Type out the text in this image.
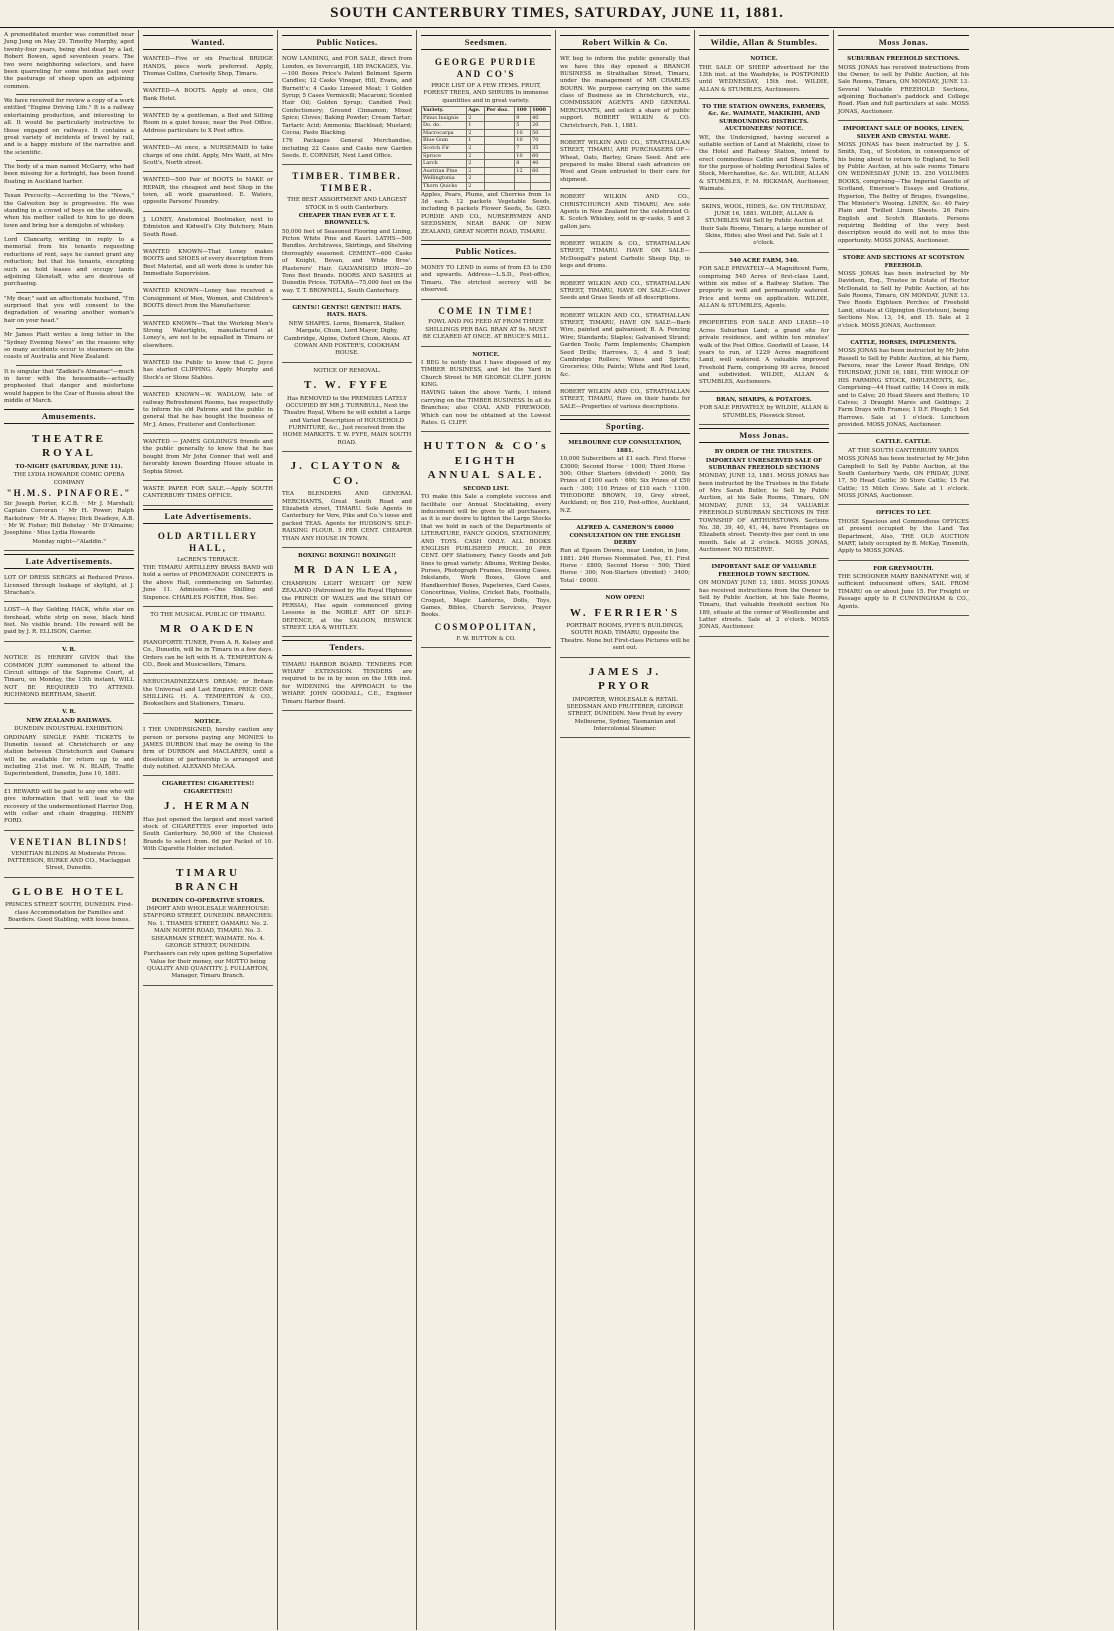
SOUTH CANTERBURY TIMES, SATURDAY, JUNE 11, 1881.

A premeditated murder was committed near Jung Jung on May 29. Timothy Murphy, aged twenty-four years, being shot dead by a lad, Robert Bowen, aged seventeen years. The two were neighboring selectors, and have been quarreling for some months past over the pasturage of sheep upon an adjoining common.

We have received for review a copy of a work entitled "Engine Driving Life." It is a railway entertaining production, and interesting to all. It would be particularly instructive to those engaged on railways. It contains a great variety of incidents of travel by rail, and is a happy mixture of the narrative and the scientific.

The body of a man named McGarry, who had been missing for a fortnight, has been found floating in Auckland harbor.

Texan Precocity.—According to the "News," the Galveston boy is progressive. He was standing in a crowd of boys on the sidewalk, when his mother called to him to go down town and bring her a demijohn of whiskey.

Lord Clancarty, writing in reply to a memorial from his tenants requesting reductions of rent, says he cannot grant any reduction; but that his tenants, excepting such as hold leases and occupy lands adjoining Glenstaff, who are desirous of purchasing.

"My dear," said an affectionate husband, "I'm surprised that you will consent to the degradation of wearing another woman's hair on your head."

Mr James Platt writes a long letter in the "Sydney Evening News" on the reasons why so many accidents occur to steamers on the coasts of Australia and New Zealand.

It is singular that "Zadkiel's Almanac"—much in favor with the housemaids—actually prophesied that danger and misfortune would happen to the Czar of Russia about the middle of March.

Amusements.
THEATRE ROYAL

TO-NIGHT (SATURDAY, JUNE 11).

THE LYDIA HOWARDE COMIC OPERA COMPANY

"H.M.S. PINAFORE."

Sir Joseph Porter, K.C.B. · Mr J. Marshall; Captain Corcoran · Mr H. Power; Ralph Rackstraw · Mr A. Hayes; Dick Deadeye, A.B. · Mr W. Fisher; Bill Bobstay · Mr D'Almaine; Josephine · Miss Lydia Howarde

Monday night—"Aladdin."

Late Advertisements.

LOT OF DRESS SERGES at Reduced Prices. Licensed through leakage of skylight, at J. Strachan's.

LOST—A Bay Gelding HACK, white star on forehead, white strip on nose, black hind feet. No visible brand. 10s reward will be paid by J. R. ELLISON, Carrier.

V. R.

NOTICE IS HEREBY GIVEN that the COMMON JURY summoned to attend the Circuit sittings of the Supreme Court, at Timaru, on Monday, the 13th instant, WILL NOT BE REQUIRED TO ATTEND. RICHMOND BERTHAM, Sheriff.

V. R.

NEW ZEALAND RAILWAYS.

DUNEDIN INDUSTRIAL EXHIBITION.

ORDINARY SINGLE FARE TICKETS to Dunedin issued at Christchurch or any station between Christchurch and Oamaru will be available for return up to and including 21st inst. W. N. BLAIR, Traffic Superintendent, Dunedin, June 10, 1881.

£1 REWARD will be paid to any one who will give information that will lead to the recovery of the undermentioned Harrier Dog, with collar and chain dragging. HENRY FORD.

VENETIAN BLINDS!

VENETIAN BLINDS At Moderate Prices. PATTERSON, BURKE AND CO., Maclaggan Street, Dunedin.

GLOBE HOTEL

PRINCES STREET SOUTH, DUNEDIN. First-class Accommodation for Families and Boarders. Good Stabling, with loose boxes.

Wanted.

WANTED—Five or six Practical BRIDGE HANDS, piece work preferred. Apply, Thomas Collins, Curiosity Shop, Timaru.

WANTED—A BOOTS. Apply at once, Old Bank Hotel.

WANTED by a gentleman, a Bed and Sitting Room in a quiet house, near the Post Office. Address particulars to X Post office.

WANTED—At once, a NURSEMAID to take charge of one child. Apply, Mrs Waitt, at Mrs Scott's, North street.

WANTED—500 Pair of BOOTS to MAKE or REPAIR, the cheapest and best Shop in the town, all work guaranteed. E. Waters, opposite Parsons' Foundry.

J. LONEY, Anatomical Bootmaker, next to Edmiston and Kidwell's City Butchery, Main South Road.

WANTED KNOWN—That Loney makes BOOTS and SHOES of every description from Best Material, and all work done is under his Immediate Supervision.

WANTED KNOWN—Loney has received a Consignment of Men, Women, and Children's BOOTS direct from the Manufacturer.

WANTED KNOWN—That the Working Men's Strong Watertights, manufactured at Loney's, are not to be equalled in Timaru or elsewhere.

WANTED the Public to know that C. Joyce has started CLIPPING. Apply Murphy and Stock's or Stone Stables.

WANTED KNOWN—W. WADLOW, late of railway Refreshment Rooms, has respectfully to inform his old Patrons and the public in general that he has bought the business of Mr J. Amos, Fruiterer and Confectioner.

WANTED — JAMES GOLDING'S friends and the public generally to know that he has bought from Mr John Conner that well and favorably known Boarding House situate in Sophia Street.

WASTE PAPER FOR SALE.—Apply SOUTH CANTERBURY TIMES OFFICE.

Late Advertisements.
OLD ARTILLERY HALL,

LeCREN'S TERRACE.

THE TIMARU ARTILLERY BRASS BAND will hold a series of PROMENADE CONCERTS in the above Hall, commencing on Saturday, June 11. Admission—One Shilling and Sixpence. CHARLES FOSTER, Hon. Sec.

TO THE MUSICAL PUBLIC OF TIMARU.

MR OAKDEN

PIANOFORTE TUNER, From A. R. Kelsey and Co., Dunedin, will be in Timaru in a few days. Orders can be left with H. A. TEMPERTON & CO., Book and Musicsellers, Timaru.

NEBUCHADNEZZAR'S DREAM; or Britain the Universal and Last Empire. PRICE ONE SHILLING. H. A. TEMPERTON & CO., Booksellers and Stationers, Timaru.

NOTICE.

I THE UNDERSIGNED, hereby caution any person or persons paying any MONIES to JAMES DURBON that may be owing to the firm of DURBON and MACLAREN, until a dissolution of partnership is arranged and duly notified. ALEXAND McCAA.

CIGARETTES! CIGARETTES!! CIGARETTES!!!

J. HERMAN

Has just opened the largest and most varied stock of CIGARETTES ever imported into South Canterbury. 50,000 of the Choicest Brands to select from. 6d per Packet of 10. With Cigarette Holder included.

TIMARU BRANCH

DUNEDIN CO-OPERATIVE STORES.

IMPORT AND WHOLESALE WAREHOUSE: STAFFORD STREET, DUNEDIN. BRANCHES: No. 1. THAMES STREET, OAMARU. No. 2. MAIN NORTH ROAD, TIMARU. No. 3. SHEARMAN STREET, WAIMATE. No. 4. GEORGE STREET, DUNEDIN.

Purchasers can rely upon getting Superlative Value for their money, our MOTTO being QUALITY AND QUANTITY. J. FULLARTON, Manager, Timaru Branch.

Public Notices.

NOW LANDING, and FOR SALE, direct from London, ex Invercargill, 185 PACKAGES, Viz.—100 Boxes Price's Patent Belmont Sperm Candles; 12 Casks Vinegar, Hill, Evans, and Burnett's; 4 Casks Linseed Meat; 1 Golden Syrup; 5 Cases Vermicelli; Macaroni; Scented Hair Oil; Golden Syrup; Candied Peel; Confectionery; Ground Cinnamon; Mixed Spice; Cloves; Baking Powder; Cream Tartar; Tartaric Acid; Ammonia; Blacklead; Mustard; Cocoa; Paste Blacking.

176 Packages General Merchandise, including 22 Cases and Casks new Garden Seeds. E. CORNISH, Next Land Office.

TIMBER. TIMBER. TIMBER.

THE BEST ASSORTMENT AND LARGEST STOCK in S outh Canterbury.

CHEAPER THAN EVER AT T. T. BROWNELL'S.

50,000 feet of Seasoned Flooring and Lining, Picton White Pine and Kauri. LATHS—500 Bundles. Architraves, Skirtings, and Shelving thoroughly seasoned. CEMENT—600 Casks of Knight, Bevan, and White Bros'. Plasterers' Hair. GALVANISED IRON—20 Tons Best Brands. DOORS AND SASHES at Dunedin Prices. TOTARA—75,000 feet on the way. T. T. BROWNELL, South Canterbury.

GENTS!! GENTS!! GENTS!!! HATS. HATS. HATS.

NEW SHAPES. Lorne, Bismarck, Stalker, Margate, Chum, Lord Mayor, Digby, Cambridge, Alpine, Oxford Chum, Alexis. AT COWAN AND FOSTER'S, COOKHAM HOUSE.

NOTICE OF REMOVAL.

T. W. FYFE

Has REMOVED to the PREMISES LATELY OCCUPIED BY MR J. TURNBULL, Next the Theatre Royal, Where he will exhibit a Large and Varied Description of HOUSEHOLD FURNITURE, &c., Just received from the HOME MARKETS. T. W. FYFE, MAIN SOUTH ROAD.

J. CLAYTON & CO.

TEA BLENDERS AND GENERAL MERCHANTS, Great South Road and Elizabeth street, TIMARU. Sole Agents in Canterbury for Vere, Pike and Co.'s loose and packed TEAS. Agents for HUDSON'S SELF-RAISING FLOUR. 5 PER CENT. CHEAPER THAN ANY HOUSE IN TOWN.

BOXING! BOXING!! BOXING!!!

MR DAN LEA,

CHAMPION LIGHT WEIGHT OF NEW ZEALAND (Patronised by His Royal Highness the PRINCE OF WALES and the SHAH OF PERSIA), Has again commenced giving Lessons in the NOBLE ART OF SELF-DEFENCE, at the SALOON, BESWICK STREET. LEA & WHITLEY.

Tenders.

TIMARU HARBOR BOARD. TENDERS FOR WHARF EXTENSION. TENDERS are required to be in by noon on the 16th inst. for WIDENING the APPROACH to the WHARF. JOHN GOODALL, C.E., Engineer Timaru Harbor Board.

Seedsmen.
GEORGE PURDIE AND CO'S

PRICE LIST OF A FEW ITEMS. FRUIT, FOREST TREES, AND SHRUBS In immense quantities and in great variety.

Variety.	Age.	Per doz.	100	1000
Pinus Insignis	2		9	40
Do. do.	1		5	20
Macrocarpa	2		10	50
Blue Gum	1		10	70
Scotch Fir	2		7	35
Spruce	2		10	60
Larch	2		8	40
Austrian Pine	2		12	60
Wellingtonia	2			
Thorn Quicks	2			

Apples, Pears, Plums, and Cherries from 1s 3d each. 12 packets Vegetable Seeds, including 6 packets Flower Seeds, 5s. GEO. PURDIE AND CO., NURSERYMEN AND SEEDSMEN, NEAR BANK OF NEW ZEALAND, GREAT NORTH ROAD, TIMARU.

Public Notices.

MONEY TO LEND in sums of from £5 to £50 and upwards. Address—L.S.D., Post-office, Timaru. The strictest secrecy will be observed.

COME IN TIME!

FOWL AND PIG FEED AT FROM THREE SHILLINGS PER BAG. BRAN AT 9s. MUST BE CLEARED AT ONCE. AT BRUCE'S MILL.

NOTICE.

I BEG to notify that I have disposed of my TIMBER BUSINESS, and let the Yard in Church Street to MR GEORGE CLIFF. JOHN KING.

HAVING taken the above Yards, I intend carrying on the TIMBER BUSINESS In all its Branches; also COAL AND FIREWOOD, Which can now be obtained at the Lowest Rates. G. CLIFF.

HUTTON & CO's EIGHTH ANNUAL SALE.

SECOND LIST.

TO make this Sale a complete success and facilitate our Annual Stocktaking, every inducement will be given to all purchasers, as it is our desire to lighten the Large Stocks that we hold in each of the Departments of LITERATURE, FANCY GOODS, STATIONERY, AND TOYS. CASH ONLY. ALL BOOKS ENGLISH PUBLISHED PRICE. 20 PER CENT. OFF Stationery, Fancy Goods and Job lines to great variety: Albums, Writing Desks, Purses, Photograph Frames, Dressing Cases, Inkstands, Work Boxes, Glove and Handkerchief Boxes, Papeteries, Card Cases, Concertinas, Violins, Cricket Bats, Footballs, Croquet, Magic Lanterns, Dolls, Toys, Games, Bibles, Church Services, Prayer Books.

COSMOPOLITAN,

F. W. BUTTON & CO.

Robert Wilkin & Co.

WE beg to inform the public generally that we have this day opened a BRANCH BUSINESS in Strathallan Street, Timaru, under the management of MR CHARLES BOURN. We purpose carrying on the same class of Business as in Christchurch, viz., COMMISSION AGENTS AND GENERAL MERCHANTS, and solicit a share of public support. ROBERT WILKIN & CO. Christchurch, Feb. 1, 1881.

ROBERT WILKIN AND CO., STRATHALLAN STREET, TIMARU, ARE PURCHASERS OF—Wheat, Oats, Barley, Grass Seed. And are prepared to make liberal cash advances on Wool and Grain entrusted to their care for shipment.

ROBERT WILKIN AND CO., CHRISTCHURCH AND TIMARU, Are sole Agents in New Zealand for the celebrated O. K. Scotch Whiskey, sold in qr-casks, 5 and 2 gallon jars.

ROBERT WILKIN & CO., STRATHALLAN STREET, TIMARU. HAVE ON SALE—McDougall's patent Carbolic Sheep Dip, in kegs and drums.

ROBERT WILKIN AND CO., STRATHALLAN STREET, TIMARU, HAVE ON SALE—Clover Seeds and Grass Seeds of all descriptions.

ROBERT WILKIN AND CO., STRATHALLAN STREET, TIMARU, HAVE ON SALE—Barb Wire, painted and galvanised; B. A. Fencing Wire; Standards; Staples; Galvanised Strand; Garden Tools; Farm Implements; Champion Seed Drills; Harrows, 3, 4 and 5 leaf; Cambridge Rollers; Wines and Spirits; Groceries; Oils; Paints; White and Red Lead, &c.

ROBERT WILKIN AND CO., STRATHALLAN STREET, TIMARU, Have on their hands for SALE—Properties of various descriptions.

Sporting.

MELBOURNE CUP CONSULTATION, 1881.

10,000 Subscribers at £1 each. First Horse · £3000; Second Horse · 1000; Third Horse · 500; Other Starters (divided) · 2000; Six Prizes of £100 each · 600; Six Prizes of £50 each · 300; 110 Prizes of £10 each · 1100. THEODORE BROWN, 19, Grey street, Auckland; or, Box 210, Post-office, Auckland, N.Z.

ALFRED A. CAMERON'S £6000 CONSULTATION ON THE ENGLISH DERBY

Run at Epsom Downs, near London, in June, 1881. 246 Horses Nominated. Fee, £1. First Horse · £800; Second Horse · 500; Third Horse · 300; Non-Starters (divided) · 3400; Total · £6000.

NOW OPEN!

W. FERRIER'S

PORTRAIT ROOMS, FYFE'S BUILDINGS, SOUTH ROAD, TIMARU, Opposite the Theatre. None but First-class Pictures will be sent out.

JAMES J. PRYOR

IMPORTER, WHOLESALE & RETAIL SEEDSMAN AND FRUITERER, GEORGE STREET, DUNEDIN. Now Fruit by every Melbourne, Sydney, Tasmanian and Intercolonial Steamer.

Wildie, Allan & Stumbles.

NOTICE.

THE SALE OF SHEEP advertised for the 13th inst. at the Washdyke, is POSTPONED until WEDNESDAY, 15th inst. WILDIE, ALLAN & STUMBLES, Auctioneers.

TO THE STATION OWNERS, FARMERS, &c. &c. WAIMATE, MAKIKIHI, AND SURROUNDING DISTRICTS. AUCTIONEERS' NOTICE.

WE, the Undersigned, having secured a suitable section of Land at Makikihi, close to the Hotel and Railway Station, intend to erect commodious Cattle and Sheep Yards, for the purpose of holding Periodical Sales of Stock, Merchandise, &c. &c. WILDIE, ALLAN & STUMBLES, F. M. RICKMAN, Auctioneer, Waimate.

SKINS, WOOL, HIDES, &c. ON THURSDAY, JUNE 16, 1881. WILDIE, ALLAN & STUMBLES Will Sell by Public Auction at their Sale Rooms, Timaru, a large number of Skins, Hides; also Wool and Fat. Sale at 1 o'clock.

540 ACRE FARM, 540.

FOR SALE PRIVATELY—A Magnificent Farm, comprising 540 Acres of first-class Land, within six miles of a Railway Station. The property is well and permanently watered. Price and terms on application. WILDIE, ALLAN & STUMBLES, Agents.

PROPERTIES FOR SALE AND LEASE—10 Acres Suburban Land; a grand site for private residence, and within ten minutes' walk of the Post Office. Goodwill of Lease, 14 years to run, of 1229 Acres magnificent Land, well watered. A valuable improved Freehold Farm, comprising 99 acres, fenced and subdivided. WILDIE, ALLAN & STUMBLES, Auctioneers.

BRAN, SHARPS, & POTATOES.

FOR SALE PRIVATELY, by WILDIE, ALLAN & STUMBLES, Pleswick Street.

Moss Jonas.

BY ORDER OF THE TRUSTEES.

IMPORTANT UNRESERVED SALE OF SUBURBAN FREEHOLD SECTIONS

MONDAY, JUNE 13, 1881. MOSS JONAS has been instructed by the Trustees in the Estate of Mrs Sarah Butler, to Sell by Public Auction, at his Sale Rooms, Timaru, ON MONDAY, JUNE 13, 34 VALUABLE FREEHOLD SUBURBAN SECTIONS IN THE TOWNSHIP OF ARTHURSTOWN. Sections No. 38, 39, 40, 41, 44, have Frontages on Elizabeth street. Twenty-five per cent in one month. Sale at 2 o'clock. MOSS JONAS, Auctioneer. NO RESERVE.

IMPORTANT SALE OF VALUABLE FREEHOLD TOWN SECTION.

ON MONDAY JUNE 13, 1881. MOSS JONAS has received instructions from the Owner to Sell by Public Auction, at his Sale Rooms, Timaru, that valuable freehold section No 189, situate at the corner of Woollcombe and Latter streets. Sale at 2 o'clock. MOSS JONAS, Auctioneer.

Moss Jonas.

SUBURBAN FREEHOLD SECTIONS.

MOSS JONAS has received instructions from the Owner, to sell by Public Auction, at his Sale Rooms, Timaru, ON MONDAY, JUNE 13. Several Valuable FREEHOLD Sections, adjoining Buchanan's paddock and College Road. Plan and full particulars at sale. MOSS JONAS, Auctioneer.

IMPORTANT SALE OF BOOKS, LINEN, SILVER AND CRYSTAL WARE.

MOSS JONAS has been instructed by J. S. Smith, Esq., of Scotston, in consequence of his being about to return to England, to Sell by Public Auction, at his sale rooms Timaru ON WEDNESDAY JUNE 15. 250 VOLUMES BOOKS, comprising—The Imperial Gazette of Scotland, Emerson's Essays and Orations, Hyperion, The Belfry of Bruges, Evangeline, The Minister's Wooing. LINEN, &c. 40 Fairy Plain and Twilled Linen Sheets. 26 Pairs English and Scotch Blankets. Persons requiring Bedding of the very best description would do well not to miss this opportunity. MOSS JONAS, Auctioneer.

STORE AND SECTIONS AT SCOTSTON FREEHOLD.

MOSS JONAS has been instructed by Mr Davidson, Esq., Trustee in Estate of Hector McDonald, to Sell by Public Auction, at his Sale Rooms, Timaru, ON MONDAY, JUNE 13. Two Roods Eighteen Perches of Freehold Land, situate at Gilpington (Scotstoun), being Sections Nos. 13, 14, and 15. Sale at 2 o'clock. MOSS JONAS, Auctioneer.

CATTLE, HORSES, IMPLEMENTS.

MOSS JONAS has been instructed by Mr John Russell to Sell by Public Auction, at his Farm, Pareora, near the Lower Road Bridge, ON THURSDAY, JUNE 16, 1881, THE WHOLE OF HIS FARMING STOCK, IMPLEMENTS, &c., Comprising—44 Head cattle; 14 Cows in milk and to Calve; 20 Head Steers and Heifers; 10 Calves; 3 Draught Mares and Geldings; 2 Farm Drays with Frames; 1 D.F. Plough; 1 Set Harrows. Sale at 1 o'clock. Luncheon provided. MOSS JONAS, Auctioneer.

CATTLE. CATTLE.

AT THE SOUTH CANTERBURY YARDS

MOSS JONAS has been instructed by Mr John Campbell to Sell by Public Auction, at the South Canterbury Yards, ON FRIDAY, JUNE 17, 50 Head Cattle; 30 Store Cattle; 15 Fat Cattle; 15 Milch Cows. Sale at 1 o'clock. MOSS JONAS, Auctioneer.

OFFICES TO LET.

THOSE Spacious and Commodious OFFICES at present occupied by the Land Tax Department, Also, THE OLD AUCTION MART, lately occupied by B. McKay, Tinsmith, Apply to MOSS JONAS.

FOR GREYMOUTH.

THE SCHOONER MARY BANNATYNE will, if sufficient inducement offers, SAIL FROM TIMARU on or about June 15. For Freight or Passage apply to P. CUNNINGHAM & CO., Agents.
